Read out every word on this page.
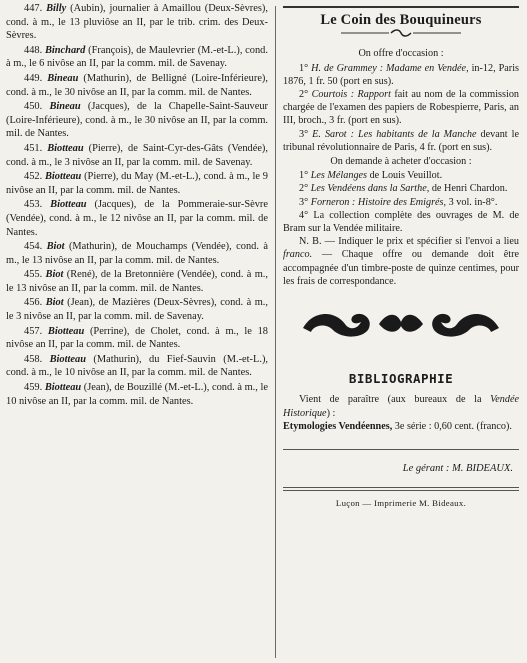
447. Billy (Aubin), journalier à Amaillou (Deux-Sèvres), cond. à m., le 13 pluviôse an II, par le trib. crim. des Deux-Sèvres.

448. Binchard (François), de Maulevrier (M.-et-L.), cond. à m., le 6 nivôse an II, par la comm. mil. de Savenay.

449. Bineau (Mathurin), de Belligné (Loire-Inférieure), cond. à m., le 30 nivôse an II, par la comm. mil. de Nantes.

450. Bineau (Jacques), de la Chapelle-Saint-Sauveur (Loire-Inférieure), cond. à m., le 30 nivôse an II, par la comm. mil. de Nantes.

451. Biotteau (Pierre), de Saint-Cyr-des-Gâts (Vendée), cond. à m., le 3 nivôse an II, par la comm. mil. de Savenay.

452. Biotteau (Pierre), du May (M.-et-L.), cond. à m., le 9 nivôse an II, par la comm. mil. de Nantes.

453. Biotteau (Jacques), de la Pommeraie-sur-Sèvre (Vendée), cond. à m., le 12 nivôse an II, par la comm. mil. de Nantes.

454. Biot (Mathurin), de Mouchamps (Vendée), cond. à m., le 13 nivôse an II, par la comm. mil. de Nantes.

455. Biot (René), de la Bretonnière (Vendée), cond. à m., le 13 nivôse an II, par la comm. mil. de Nantes.

456. Biot (Jean), de Mazières (Deux-Sèvres), cond. à m., le 3 nivôse an II, par la comm. mil. de Savenay.

457. Biotteau (Perrine), de Cholet, cond. à m., le 18 nivôse an II, par la comm. mil. de Nantes.

458. Biotteau (Mathurin), du Fief-Sauvin (M.-et-L.), cond. à m., le 10 nivôse an II, par la comm. mil. de Nantes.

459. Biotteau (Jean), de Bouzillé (M.-et-L.), cond. à m., le 10 nivôse an II, par la comm. mil. de Nantes.

Le Coin des Bouquineurs

On offre d'occasion :

1° H. de Grammey : Madame en Vendée, in-12, Paris 1876, 1 fr. 50 (port en sus).

2° Courtois : Rapport fait au nom de la commission chargée de l'examen des papiers de Robespierre, Paris, an III, broch., 3 fr. (port en sus).

3° E. Sarot : Les habitants de la Manche devant le tribunal révolutionnaire de Paris, 4 fr. (port en sus).

On demande à acheter d'occasion :

1° Les Mélanges de Louis Veuillot.

2° Les Vendéens dans la Sarthe, de Henri Chardon.

3° Forneron : Histoire des Emigrés, 3 vol. in-8°.

4° La collection complète des ouvrages de M. de Bram sur la Vendée militaire.

N. B. — Indiquer le prix et spécifier si l'envoi a lieu franco. — Chaque offre ou demande doit être accompagnée d'un timbre-poste de quinze centimes, pour les frais de correspondance.

BIBLIOGRAPHIE

Vient de paraître (aux bureaux de la Vendée Historique) :

Etymologies Vendéennes, 3e série : 0,60 cent. (franco).

Le gérant : M. BIDEAUX.
Luçon — Imprimerie M. Bideaux.
